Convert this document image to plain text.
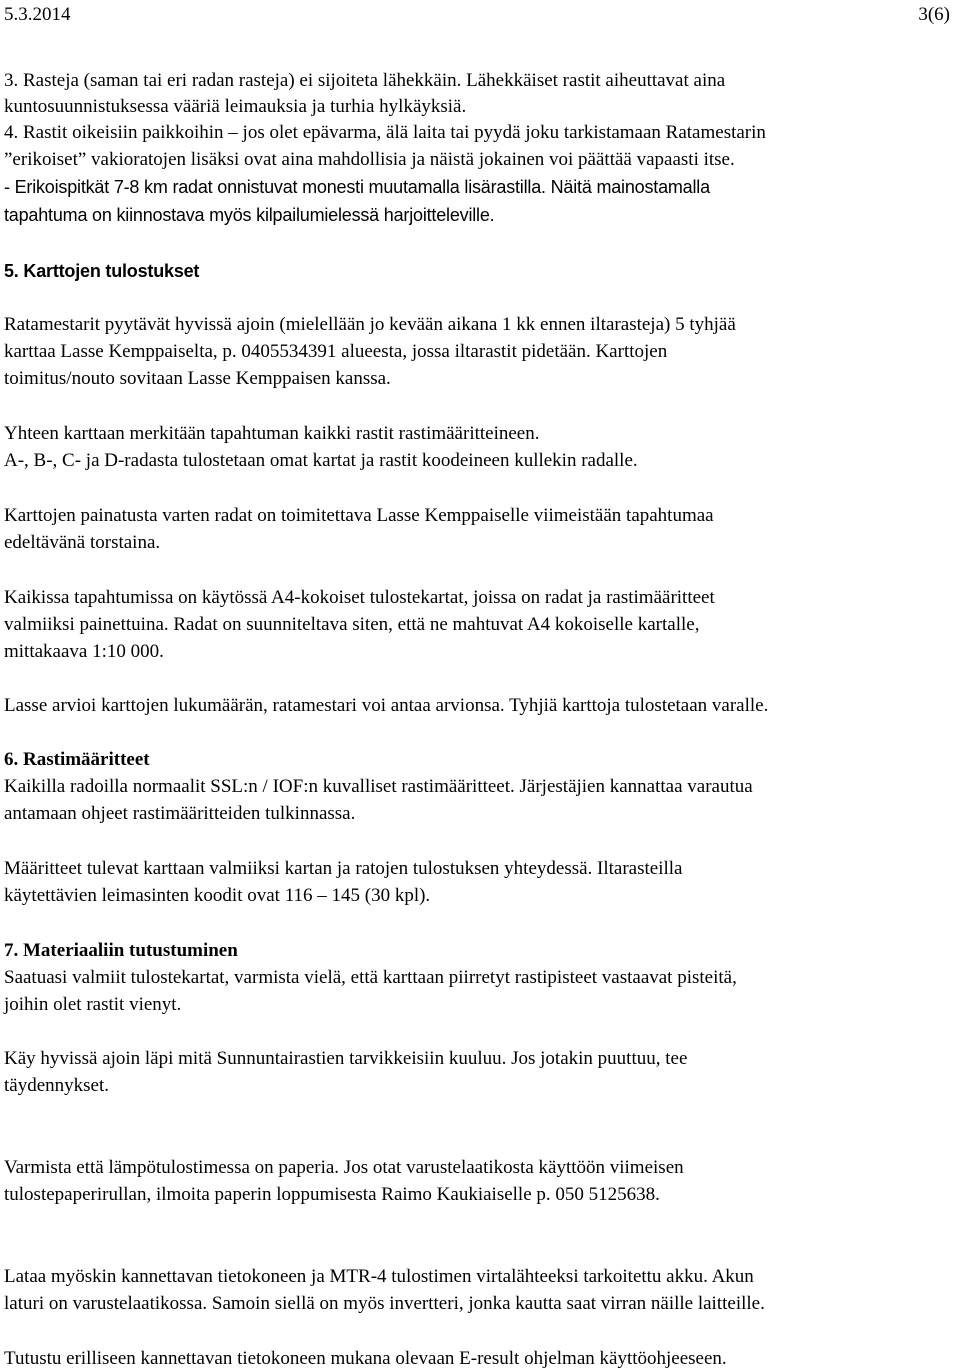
5.3.2014	3(6)
3. Rasteja (saman tai eri radan rasteja) ei sijoiteta lähekkäin. Lähekkäiset rastit aiheuttavat aina
kuntosuunnistuksessa vääriä leimauksia ja turhia hylkäyksiä.
4. Rastit oikeisiin paikkoihin – jos olet epävarma, älä laita tai pyydä joku tarkistamaan Ratamestarin
”erikoiset” vakioratojen lisäksi ovat aina mahdollisia ja näistä jokainen voi päättää vapaasti itse.
- Erikoispitkät 7-8 km radat onnistuvat monesti muutamalla lisärastilla. Näitä mainostamalla
tapahtuma on kiinnostava myös kilpailumielessä harjoitteleville.
5. Karttojen tulostukset
Ratamestarit pyytävät hyvissä ajoin (mielellään jo kevään aikana 1 kk ennen iltarasteja) 5 tyhjää
karttaa Lasse Kemppaiselta, p. 0405534391 alueesta, jossa iltarastit pidetään. Karttojen
toimitus/nouto sovitaan Lasse Kemppaisen kanssa.
Yhteen karttaan merkitään tapahtuman kaikki rastit rastimääritteineen.
A-, B-, C- ja D-radasta tulostetaan omat kartat ja rastit koodeineen kullekin radalle.
Karttojen painatusta varten radat on toimitettava Lasse Kemppaiselle viimeistään tapahtumaa
edeltävänä torstaina.
Kaikissa tapahtumissa on käytössä A4-kokoiset tulostekartat, joissa on radat ja rastimääritteet
valmiiksi painettuina. Radat on suunniteltava siten, että ne mahtuvat A4 kokoiselle kartalle,
mittakaava 1:10 000.
Lasse arvioi karttojen lukumäärän, ratamestari voi antaa arvionsa. Tyhjiä karttoja tulostetaan varalle.
6. Rastimääritteet
Kaikilla radoilla normaalit SSL:n / IOF:n kuvalliset rastimääritteet. Järjestäjien kannattaa varautua
antamaan ohjeet rastimääritteiden tulkinnassa.
Määritteet tulevat karttaan valmiiksi kartan ja ratojen tulostuksen yhteydessä. Iltarasteilla
käytettävien leimasinten koodit ovat 116 – 145 (30 kpl).
7. Materiaaliin tutustuminen
Saatuasi valmiit tulostekartat, varmista vielä, että karttaan piirretyt rastipisteet vastaavat pisteitä,
joihin olet rastit vienyt.
Käy hyvissä ajoin läpi mitä Sunnuntairastien tarvikkeisiin kuuluu. Jos jotakin puuttuu, tee
täydennykset.
Varmista että lämpötulostimessa on paperia. Jos otat varustelaatikosta käyttöön viimeisen
tulostepaperirullan, ilmoita paperin loppumisesta Raimo Kaukiaiselle p. 050 5125638.
Lataa myöskin kannettavan tietokoneen ja MTR-4 tulostimen virtalähteeksi tarkoitettu akku. Akun
laturi on varustelaatikossa. Samoin siellä on myös invertteri, jonka kautta saat virran näille laitteille.
Tutustu erilliseen kannettavan tietokoneen mukana olevaan E-result ohjelman käyttöohjeeseen.
